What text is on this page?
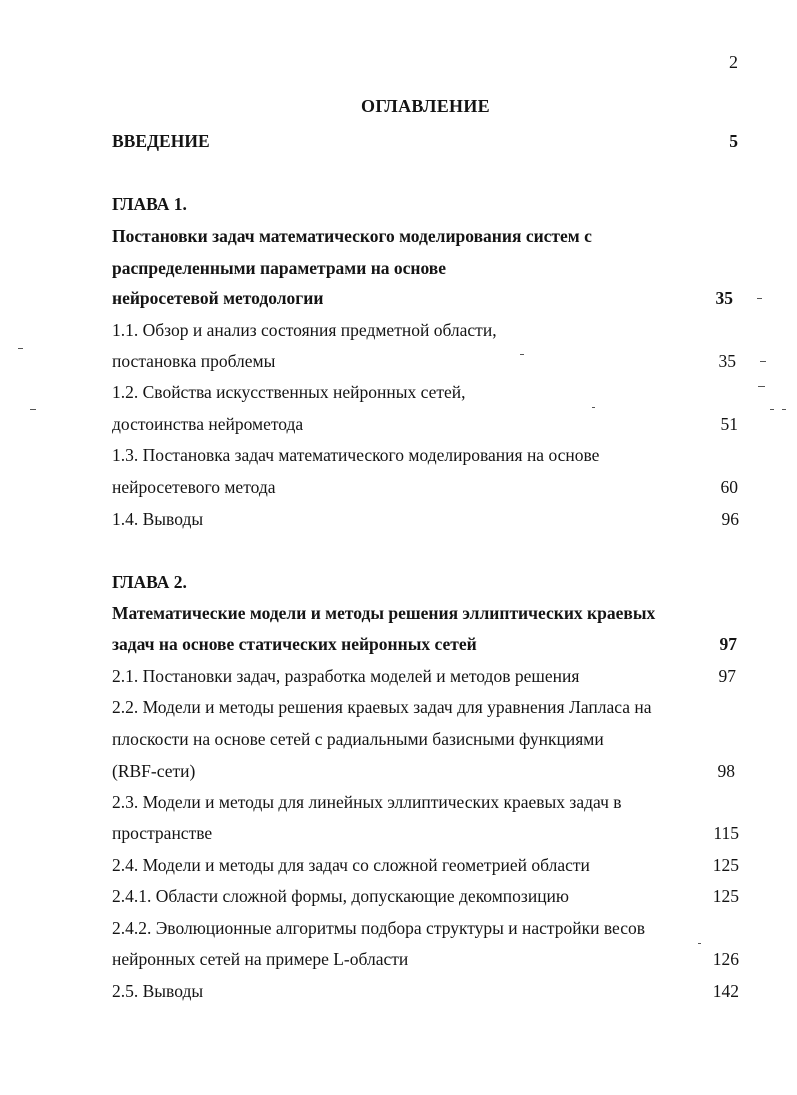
2
ОГЛАВЛЕНИЕ
ВВЕДЕНИЕ	5
ГЛАВА 1.
Постановки задач математического моделирования систем с
распределенными параметрами на основе
нейросетевой методологии	35
1.1. Обзор и анализ состояния предметной области,
постановка проблемы	35
1.2. Свойства искусственных нейронных сетей,
достоинства нейрометода	51
1.3. Постановка задач математического моделирования на основе
нейросетевого метода	60
1.4. Выводы	96
ГЛАВА 2.
Математические модели и методы решения эллиптических краевых
задач на основе статических нейронных сетей	97
2.1. Постановки задач, разработка моделей и методов решения	97
2.2. Модели и методы решения краевых задач для уравнения Лапласа на
плоскости на основе сетей с радиальными базисными функциями
(RBF-сети)	98
2.3. Модели и методы для линейных эллиптических краевых задач в
пространстве	115
2.4. Модели и методы для задач со сложной геометрией области	125
2.4.1. Области сложной формы, допускающие декомпозицию	125
2.4.2. Эволюционные алгоритмы подбора структуры и настройки весов
нейронных сетей на примере L-области	126
2.5. Выводы	142
